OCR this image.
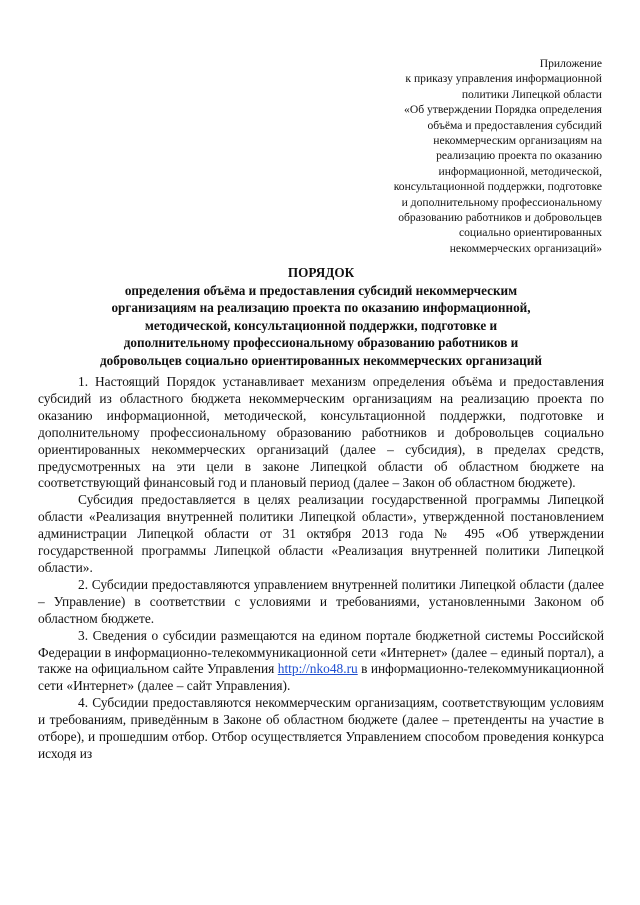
Приложение
к приказу управления информационной
политики Липецкой области
«Об утверждении Порядка определения
объёма и предоставления субсидий
некоммерческим организациям на
реализацию проекта по оказанию
информационной, методической,
консультационной поддержки, подготовке
и дополнительному профессиональному
образованию работников и добровольцев
социально ориентированных
некоммерческих организаций»
ПОРЯДОК
определения объёма и предоставления субсидий некоммерческим
организациям на реализацию проекта по оказанию информационной,
методической, консультационной поддержки, подготовке и
дополнительному профессиональному образованию работников и
добровольцев социально ориентированных некоммерческих организаций

1. Настоящий Порядок устанавливает механизм определения объёма и предоставления субсидий из областного бюджета некоммерческим организациям на реализацию проекта по оказанию информационной, методической, консультационной поддержки, подготовке и дополнительному профессиональному образованию работников и добровольцев социально ориентированных некоммерческих организаций (далее – субсидия), в пределах средств, предусмотренных на эти цели в законе Липецкой области об областном бюджете на соответствующий финансовый год и плановый период (далее – Закон об областном бюджете).

Субсидия предоставляется в целях реализации государственной программы Липецкой области «Реализация внутренней политики Липецкой области», утвержденной постановлением администрации Липецкой области от 31 октября 2013 года № 495 «Об утверждении государственной программы Липецкой области «Реализация внутренней политики Липецкой области».

2. Субсидии предоставляются управлением внутренней политики Липецкой области (далее – Управление) в соответствии с условиями и требованиями, установленными Законом об областном бюджете.

3. Сведения о субсидии размещаются на едином портале бюджетной системы Российской Федерации в информационно-телекоммуникационной сети «Интернет» (далее – единый портал), а также на официальном сайте Управления http://nko48.ru в информационно-телекоммуникационной сети «Интернет» (далее – сайт Управления).

4. Субсидии предоставляются некоммерческим организациям, соответствующим условиям и требованиям, приведённым в Законе об областном бюджете (далее – претенденты на участие в отборе), и прошедшим отбор. Отбор осуществляется Управлением способом проведения конкурса исходя из
